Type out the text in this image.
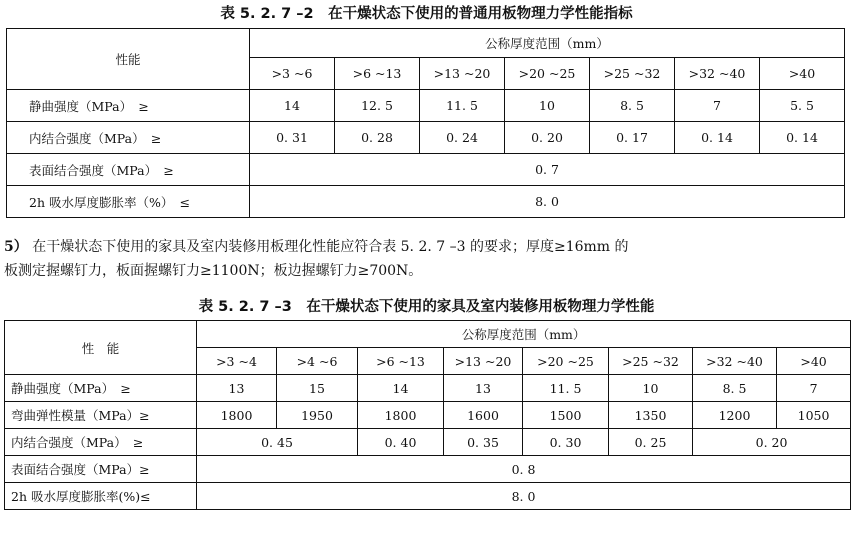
表 5. 2. 7 –2　在干燥状态下使用的普通用板物理力学性能指标
性能	公称厚度范围（mm）						
	>3 ~6	>6 ~13	>13 ~20	>20 ~25	>25 ~32	>32 ~40	>40
静曲强度（MPa）　≥	14	12. 5	11. 5	10	8. 5	7	5. 5
内结合强度（MPa）　≥	0. 31	0. 28	0. 24	0. 20	0. 17	0. 14	0. 14
表面结合强度（MPa）　≥	0. 7						
2h 吸水厚度膨胀率（%）　≤	8. 0						
5） 在干燥状态下使用的家具及室内装修用板理化性能应符合表 5. 2. 7 –3 的要求；厚度≥16mm 的
板测定握螺钉力，板面握螺钉力≥1100N；板边握螺钉力≥700N。
表 5. 2. 7 –3　在干燥状态下使用的家具及室内装修用板物理力学性能
性　能	公称厚度范围（mm）							
	>3 ~4	>4 ~6	>6 ~13	>13 ~20	>20 ~25	>25 ~32	>32 ~40	>40
静曲强度（MPa）　≥	13	15	14	13	11. 5	10	8. 5	7
弯曲弹性模量（MPa）≥	1800	1950	1800	1600	1500	1350	1200	1050
内结合强度（MPa）　≥	0. 45		0. 40	0. 35	0. 30	0. 25	0. 20	
表面结合强度（MPa）≥	0. 8							
2h 吸水厚度膨胀率(%)≤	8. 0							
